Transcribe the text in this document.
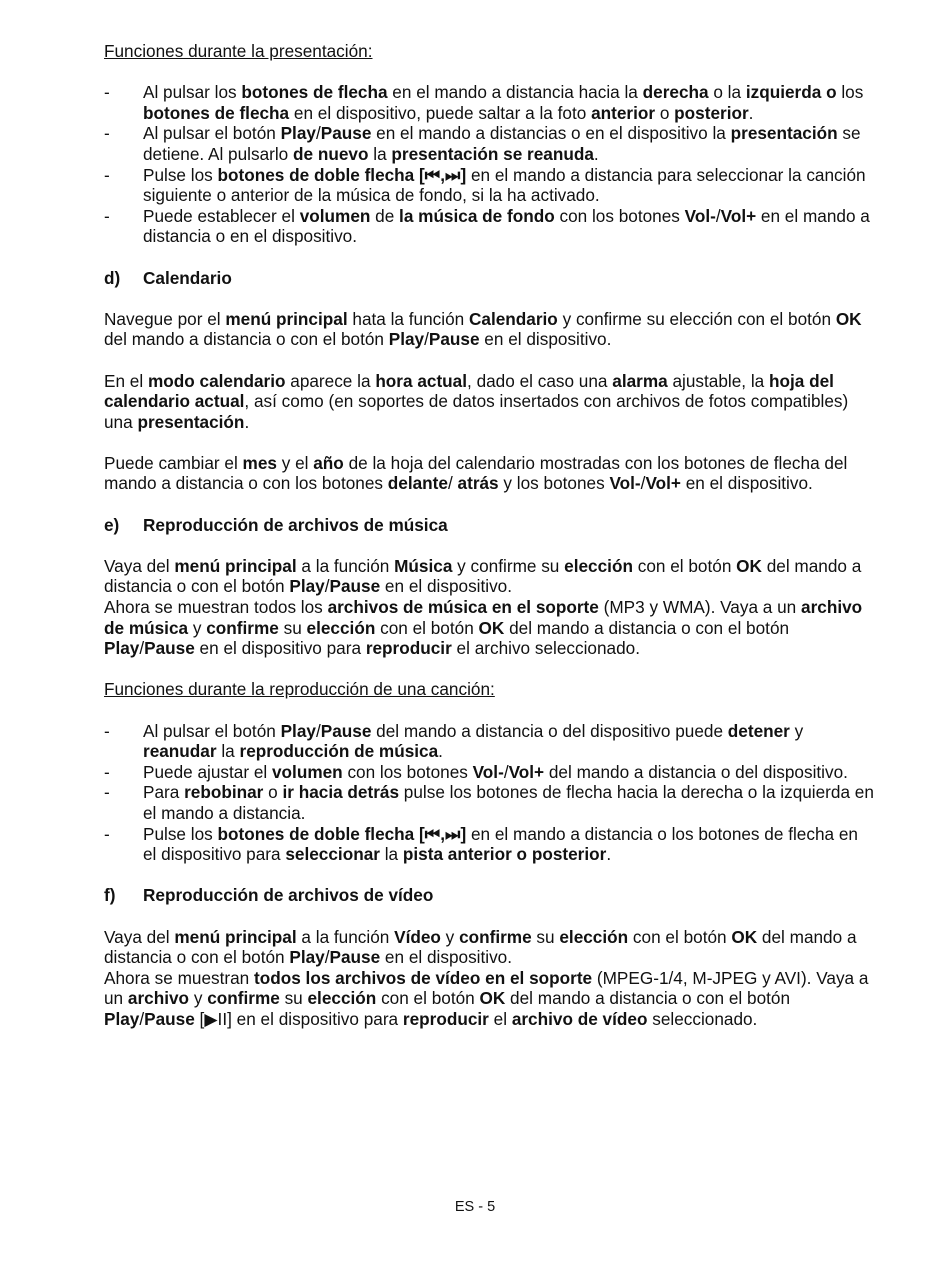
Funciones durante la presentación:

-	Al pulsar los botones de flecha en el mando a distancia hacia la derecha o la izquierda o los botones de flecha en el dispositivo, puede saltar a la foto anterior o posterior.
-	Al pulsar el botón Play/Pause en el mando a distancias o en el dispositivo la presentación se detiene. Al pulsarlo de nuevo la presentación se reanuda.
-	Pulse los botones de doble flecha [⏮,⏭] en el mando a distancia para seleccionar la canción siguiente o anterior de la música de fondo, si la ha activado.
-	Puede establecer el volumen de la música de fondo con los botones Vol-/Vol+ en el mando a distancia o en el dispositivo.
d)	Calendario

Navegue por el menú principal hata la función Calendario y confirme su elección con el botón OK del mando a distancia o con el botón Play/Pause en el dispositivo.

En el modo calendario aparece la hora actual, dado el caso una alarma ajustable, la hoja del calendario actual, así como (en soportes de datos insertados con archivos de fotos compatibles) una presentación.

Puede cambiar el mes y el año de la hoja del calendario mostradas con los botones de flecha del mando a distancia o con los botones delante/ atrás y los botones Vol-/Vol+ en el dispositivo.

e)	Reproducción de archivos de música

Vaya del menú principal a la función Música y confirme su elección con el botón OK del mando a distancia o con el botón Play/Pause en el dispositivo.
Ahora se muestran todos los archivos de música en el soporte (MP3 y WMA). Vaya a un archivo de música y confirme su elección con el botón OK del mando a distancia o con el botón Play/Pause en el dispositivo para reproducir el archivo seleccionado.

Funciones durante la reproducción de una canción:

-	Al pulsar el botón Play/Pause del mando a distancia o del dispositivo puede detener y reanudar la reproducción de música.
-	Puede ajustar el volumen con los botones Vol-/Vol+ del mando a distancia o del dispositivo.
-	Para rebobinar o ir hacia detrás pulse los botones de flecha hacia la derecha o la izquierda en el mando a distancia.
-	Pulse los botones de doble flecha [⏮,⏭] en el mando a distancia o los botones de flecha en el dispositivo para seleccionar la pista anterior o posterior.
f)	Reproducción de archivos de vídeo

Vaya del menú principal a la función Vídeo y confirme su elección con el botón OK del mando a distancia o con el botón Play/Pause en el dispositivo.
Ahora se muestran todos los archivos de vídeo en el soporte (MPEG-1/4, M-JPEG y AVI). Vaya a un archivo y confirme su elección con el botón OK del mando a distancia o con el botón Play/Pause [▶II] en el dispositivo para reproducir el archivo de vídeo seleccionado.

ES - 5
